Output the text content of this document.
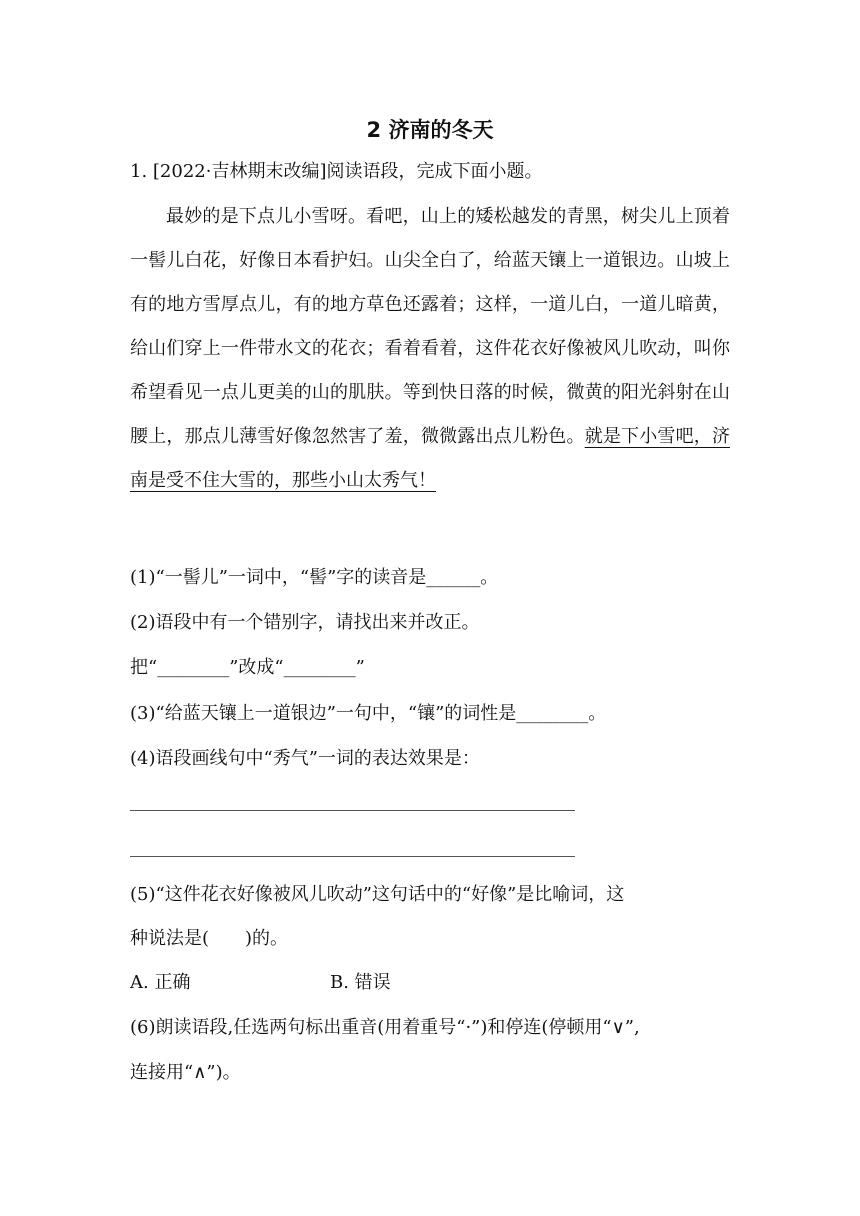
2 济南的冬天
1. [2022·吉林期末改编]阅读语段，完成下面小题。
最妙的是下点儿小雪呀。看吧，山上的矮松越发的青黑，树尖儿上顶着一髻儿白花，好像日本看护妇。山尖全白了，给蓝天镶上一道银边。山坡上有的地方雪厚点儿，有的地方草色还露着；这样，一道儿白，一道儿暗黄，给山们穿上一件带水文的花衣；看着看着，这件花衣好像被风儿吹动，叫你希望看见一点儿更美的山的肌肤。等到快日落的时候，微黄的阳光斜射在山腰上，那点儿薄雪好像忽然害了羞，微微露出点儿粉色。就是下小雪吧，济南是受不住大雪的，那些小山太秀气！
(1)“一髻儿”一词中，“髻”字的读音是______。
(2)语段中有一个错别字，请找出来并改正。
把“________”改成“________”
(3)“给蓝天镶上一道银边”一句中，“镶”的词性是________。
(4)语段画线句中“秀气”一词的表达效果是：
(5)“这件花衣好像被风儿吹动”这句话中的“好像”是比喻词，这
种说法是(　　)的。
A. 正确	B. 错误
(6)朗读语段,任选两句标出重音(用着重号“·”)和停连(停顿用“∨”,
连接用“∧”)。
